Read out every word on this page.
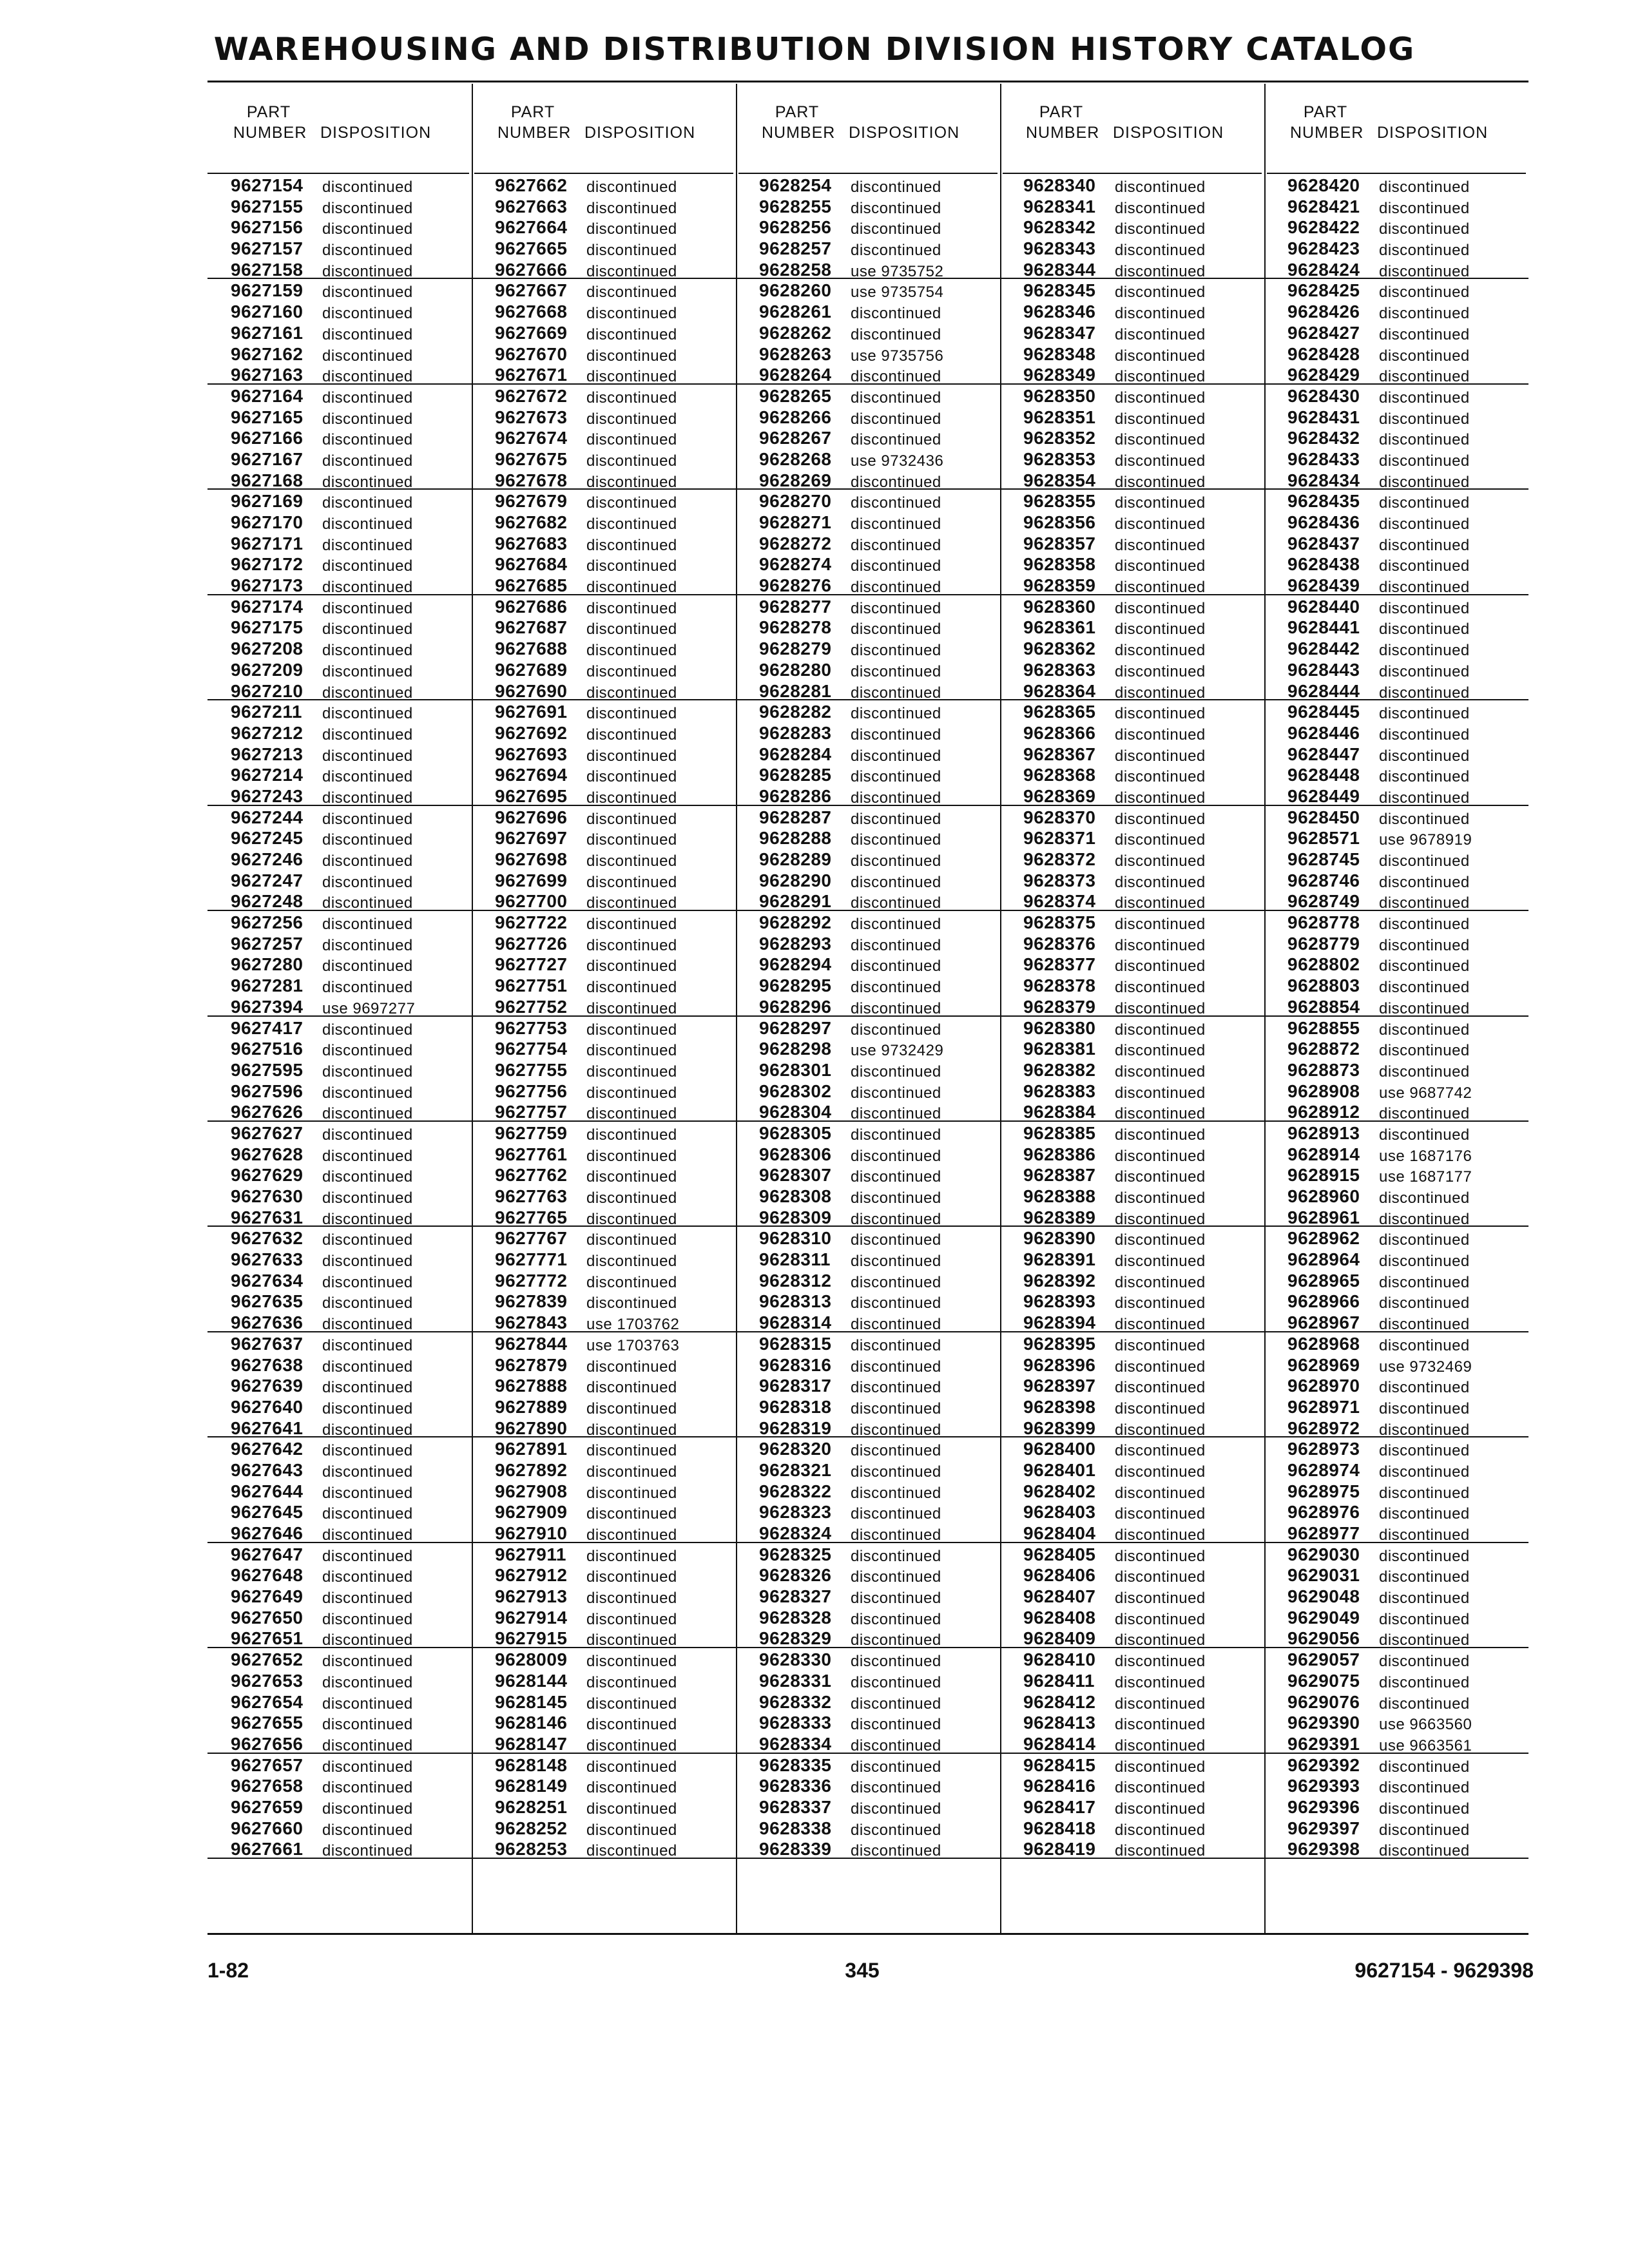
WAREHOUSING AND DISTRIBUTION DIVISION HISTORY CATALOG
PART
NUMBER DISPOSITION
9627154 discontinued
9627155 discontinued
9627156 discontinued
9627157 discontinued
9627158 discontinued
9627159 discontinued
9627160 discontinued
9627161 discontinued
9627162 discontinued
9627163 discontinued
9627164 discontinued
9627165 discontinued
9627166 discontinued
9627167 discontinued
9627168 discontinued
9627169 discontinued
9627170 discontinued
9627171 discontinued
9627172 discontinued
9627173 discontinued
9627174 discontinued
9627175 discontinued
9627208 discontinued
9627209 discontinued
9627210 discontinued
9627211 discontinued
9627212 discontinued
9627213 discontinued
9627214 discontinued
9627243 discontinued
9627244 discontinued
9627245 discontinued
9627246 discontinued
9627247 discontinued
9627248 discontinued
9627256 discontinued
9627257 discontinued
9627280 discontinued
9627281 discontinued
9627394 use 9697277
9627417 discontinued
9627516 discontinued
9627595 discontinued
9627596 discontinued
9627626 discontinued
9627627 discontinued
9627628 discontinued
9627629 discontinued
9627630 discontinued
9627631 discontinued
9627632 discontinued
9627633 discontinued
9627634 discontinued
9627635 discontinued
9627636 discontinued
9627637 discontinued
9627638 discontinued
9627639 discontinued
9627640 discontinued
9627641 discontinued
9627642 discontinued
9627643 discontinued
9627644 discontinued
9627645 discontinued
9627646 discontinued
9627647 discontinued
9627648 discontinued
9627649 discontinued
9627650 discontinued
9627651 discontinued
9627652 discontinued
9627653 discontinued
9627654 discontinued
9627655 discontinued
9627656 discontinued
9627657 discontinued
9627658 discontinued
9627659 discontinued
9627660 discontinued
9627661 discontinued
PART
NUMBER DISPOSITION
9627662 discontinued
9627663 discontinued
9627664 discontinued
9627665 discontinued
9627666 discontinued
9627667 discontinued
9627668 discontinued
9627669 discontinued
9627670 discontinued
9627671 discontinued
9627672 discontinued
9627673 discontinued
9627674 discontinued
9627675 discontinued
9627678 discontinued
9627679 discontinued
9627682 discontinued
9627683 discontinued
9627684 discontinued
9627685 discontinued
9627686 discontinued
9627687 discontinued
9627688 discontinued
9627689 discontinued
9627690 discontinued
9627691 discontinued
9627692 discontinued
9627693 discontinued
9627694 discontinued
9627695 discontinued
9627696 discontinued
9627697 discontinued
9627698 discontinued
9627699 discontinued
9627700 discontinued
9627722 discontinued
9627726 discontinued
9627727 discontinued
9627751 discontinued
9627752 discontinued
9627753 discontinued
9627754 discontinued
9627755 discontinued
9627756 discontinued
9627757 discontinued
9627759 discontinued
9627761 discontinued
9627762 discontinued
9627763 discontinued
9627765 discontinued
9627767 discontinued
9627771 discontinued
9627772 discontinued
9627839 discontinued
9627843 use 1703762
9627844 use 1703763
9627879 discontinued
9627888 discontinued
9627889 discontinued
9627890 discontinued
9627891 discontinued
9627892 discontinued
9627908 discontinued
9627909 discontinued
9627910 discontinued
9627911 discontinued
9627912 discontinued
9627913 discontinued
9627914 discontinued
9627915 discontinued
9628009 discontinued
9628144 discontinued
9628145 discontinued
9628146 discontinued
9628147 discontinued
9628148 discontinued
9628149 discontinued
9628251 discontinued
9628252 discontinued
9628253 discontinued
PART
NUMBER DISPOSITION
9628254 discontinued
9628255 discontinued
9628256 discontinued
9628257 discontinued
9628258 use 9735752
9628260 use 9735754
9628261 discontinued
9628262 discontinued
9628263 use 9735756
9628264 discontinued
9628265 discontinued
9628266 discontinued
9628267 discontinued
9628268 use 9732436
9628269 discontinued
9628270 discontinued
9628271 discontinued
9628272 discontinued
9628274 discontinued
9628276 discontinued
9628277 discontinued
9628278 discontinued
9628279 discontinued
9628280 discontinued
9628281 discontinued
9628282 discontinued
9628283 discontinued
9628284 discontinued
9628285 discontinued
9628286 discontinued
9628287 discontinued
9628288 discontinued
9628289 discontinued
9628290 discontinued
9628291 discontinued
9628292 discontinued
9628293 discontinued
9628294 discontinued
9628295 discontinued
9628296 discontinued
9628297 discontinued
9628298 use 9732429
9628301 discontinued
9628302 discontinued
9628304 discontinued
9628305 discontinued
9628306 discontinued
9628307 discontinued
9628308 discontinued
9628309 discontinued
9628310 discontinued
9628311 discontinued
9628312 discontinued
9628313 discontinued
9628314 discontinued
9628315 discontinued
9628316 discontinued
9628317 discontinued
9628318 discontinued
9628319 discontinued
9628320 discontinued
9628321 discontinued
9628322 discontinued
9628323 discontinued
9628324 discontinued
9628325 discontinued
9628326 discontinued
9628327 discontinued
9628328 discontinued
9628329 discontinued
9628330 discontinued
9628331 discontinued
9628332 discontinued
9628333 discontinued
9628334 discontinued
9628335 discontinued
9628336 discontinued
9628337 discontinued
9628338 discontinued
9628339 discontinued
PART
NUMBER DISPOSITION
9628340 discontinued
9628341 discontinued
9628342 discontinued
9628343 discontinued
9628344 discontinued
9628345 discontinued
9628346 discontinued
9628347 discontinued
9628348 discontinued
9628349 discontinued
9628350 discontinued
9628351 discontinued
9628352 discontinued
9628353 discontinued
9628354 discontinued
9628355 discontinued
9628356 discontinued
9628357 discontinued
9628358 discontinued
9628359 discontinued
9628360 discontinued
9628361 discontinued
9628362 discontinued
9628363 discontinued
9628364 discontinued
9628365 discontinued
9628366 discontinued
9628367 discontinued
9628368 discontinued
9628369 discontinued
9628370 discontinued
9628371 discontinued
9628372 discontinued
9628373 discontinued
9628374 discontinued
9628375 discontinued
9628376 discontinued
9628377 discontinued
9628378 discontinued
9628379 discontinued
9628380 discontinued
9628381 discontinued
9628382 discontinued
9628383 discontinued
9628384 discontinued
9628385 discontinued
9628386 discontinued
9628387 discontinued
9628388 discontinued
9628389 discontinued
9628390 discontinued
9628391 discontinued
9628392 discontinued
9628393 discontinued
9628394 discontinued
9628395 discontinued
9628396 discontinued
9628397 discontinued
9628398 discontinued
9628399 discontinued
9628400 discontinued
9628401 discontinued
9628402 discontinued
9628403 discontinued
9628404 discontinued
9628405 discontinued
9628406 discontinued
9628407 discontinued
9628408 discontinued
9628409 discontinued
9628410 discontinued
9628411 discontinued
9628412 discontinued
9628413 discontinued
9628414 discontinued
9628415 discontinued
9628416 discontinued
9628417 discontinued
9628418 discontinued
9628419 discontinued
PART
NUMBER DISPOSITION
9628420 discontinued
9628421 discontinued
9628422 discontinued
9628423 discontinued
9628424 discontinued
9628425 discontinued
9628426 discontinued
9628427 discontinued
9628428 discontinued
9628429 discontinued
9628430 discontinued
9628431 discontinued
9628432 discontinued
9628433 discontinued
9628434 discontinued
9628435 discontinued
9628436 discontinued
9628437 discontinued
9628438 discontinued
9628439 discontinued
9628440 discontinued
9628441 discontinued
9628442 discontinued
9628443 discontinued
9628444 discontinued
9628445 discontinued
9628446 discontinued
9628447 discontinued
9628448 discontinued
9628449 discontinued
9628450 discontinued
9628571 use 9678919
9628745 discontinued
9628746 discontinued
9628749 discontinued
9628778 discontinued
9628779 discontinued
9628802 discontinued
9628803 discontinued
9628854 discontinued
9628855 discontinued
9628872 discontinued
9628873 discontinued
9628908 use 9687742
9628912 discontinued
9628913 discontinued
9628914 use 1687176
9628915 use 1687177
9628960 discontinued
9628961 discontinued
9628962 discontinued
9628964 discontinued
9628965 discontinued
9628966 discontinued
9628967 discontinued
9628968 discontinued
9628969 use 9732469
9628970 discontinued
9628971 discontinued
9628972 discontinued
9628973 discontinued
9628974 discontinued
9628975 discontinued
9628976 discontinued
9628977 discontinued
9629030 discontinued
9629031 discontinued
9629048 discontinued
9629049 discontinued
9629056 discontinued
9629057 discontinued
9629075 discontinued
9629076 discontinued
9629390 use 9663560
9629391 use 9663561
9629392 discontinued
9629393 discontinued
9629396 discontinued
9629397 discontinued
9629398 discontinued
1-82	345	9627154 - 9629398
